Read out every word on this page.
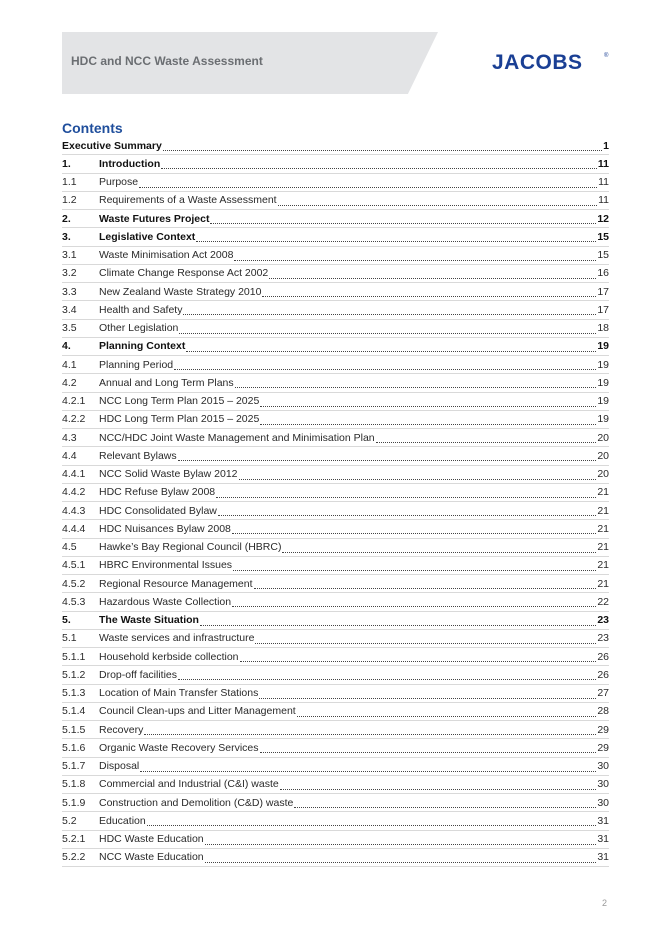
HDC and NCC Waste Assessment	JACOBS	®
Contents
Executive Summary	1
1.	Introduction	11
1.1	Purpose	11
1.2	Requirements of a Waste Assessment	11
2.	Waste Futures Project	12
3.	Legislative Context	15
3.1	Waste Minimisation Act 2008	15
3.2	Climate Change Response Act 2002	16
3.3	New Zealand Waste Strategy 2010	17
3.4	Health and Safety	17
3.5	Other Legislation	18
4.	Planning Context	19
4.1	Planning Period	19
4.2	Annual and Long Term Plans	19
4.2.1	NCC Long Term Plan 2015 – 2025	19
4.2.2	HDC Long Term Plan 2015 – 2025	19
4.3	NCC/HDC Joint Waste Management and Minimisation Plan	20
4.4	Relevant Bylaws	20
4.4.1	NCC Solid Waste Bylaw 2012	20
4.4.2	HDC Refuse Bylaw 2008	21
4.4.3	HDC Consolidated Bylaw	21
4.4.4	HDC Nuisances Bylaw 2008	21
4.5	Hawke’s Bay Regional Council (HBRC)	21
4.5.1	HBRC Environmental Issues	21
4.5.2	Regional Resource Management	21
4.5.3	Hazardous Waste Collection	22
5.	The Waste Situation	23
5.1	Waste services and infrastructure	23
5.1.1	Household kerbside collection	26
5.1.2	Drop-off facilities	26
5.1.3	Location of Main Transfer Stations	27
5.1.4	Council Clean-ups and Litter Management	28
5.1.5	Recovery	29
5.1.6	Organic Waste Recovery Services	29
5.1.7	Disposal	30
5.1.8	Commercial and Industrial (C&I) waste	30
5.1.9	Construction and Demolition (C&D) waste	30
5.2	Education	31
5.2.1	HDC Waste Education	31
5.2.2	NCC Waste Education	31
2
